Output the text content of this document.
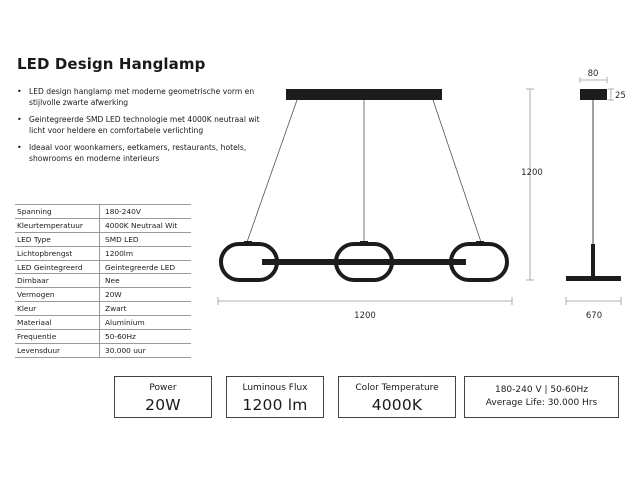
LED Design Hanglamp
• LED design hanglamp met moderne geometrische vorm en stijlvolle zwarte afwerking
• Geintegreerde SMD LED technologie met 4000K neutraal wit licht voor heldere en comfortabele verlichting
• Ideaal voor woonkamers, eetkamers, restaurants, hotels, showrooms en moderne interieurs
Spanning	180-240V
Kleurtemperatuur	4000K Neutraal Wit
LED Type	SMD LED
Lichtopbrengst	1200lm
LED Geintegreerd	Geintegreerde LED
Dimbaar	Nee
Vermogen	20W
Kleur	Zwart
Materiaal	Aluminium
Frequentie	50-60Hz
Levensduur	30.000 uur
1200
1200
80
25
670
Power
20W
Luminous Flux
1200 lm
Color Temperature
4000K
180-240 V | 50-60Hz
Average Life: 30.000 Hrs
